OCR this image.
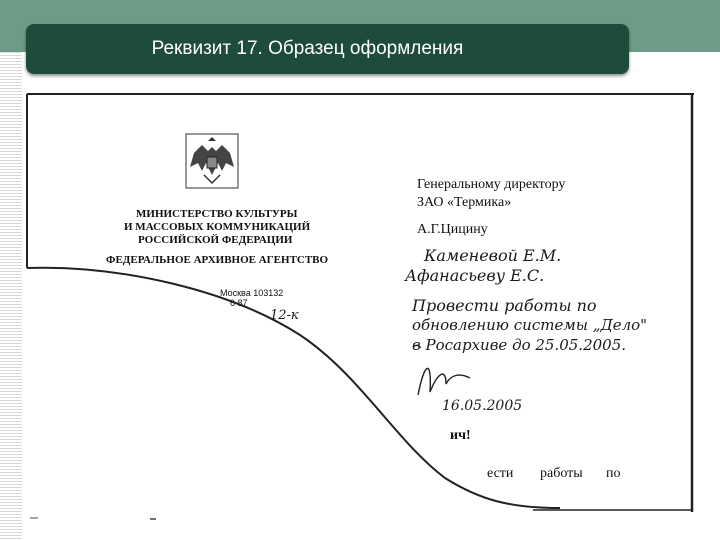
МИНИСТЕРСТВО КУЛЬТУРЫ
И МАССОВЫХ КОММУНИКАЦИЙ
РОССИЙСКОЙ ФЕДЕРАЦИИ
ФЕДЕРАЛЬНОЕ АРХИВНОЕ АГЕНТСТВО
Москва 103132
6 87
12-к
Генеральному директору
ЗАО «Термика»
А.Г.Цицину
Каменевой Е.М.
Афанасьеву Е.С.
Провести работы по
обновлению системы „Дело"
в Росархиве до 25.05.2005.
16.05.2005
ич!
ести работы по
Реквизит 17. Образец оформления
